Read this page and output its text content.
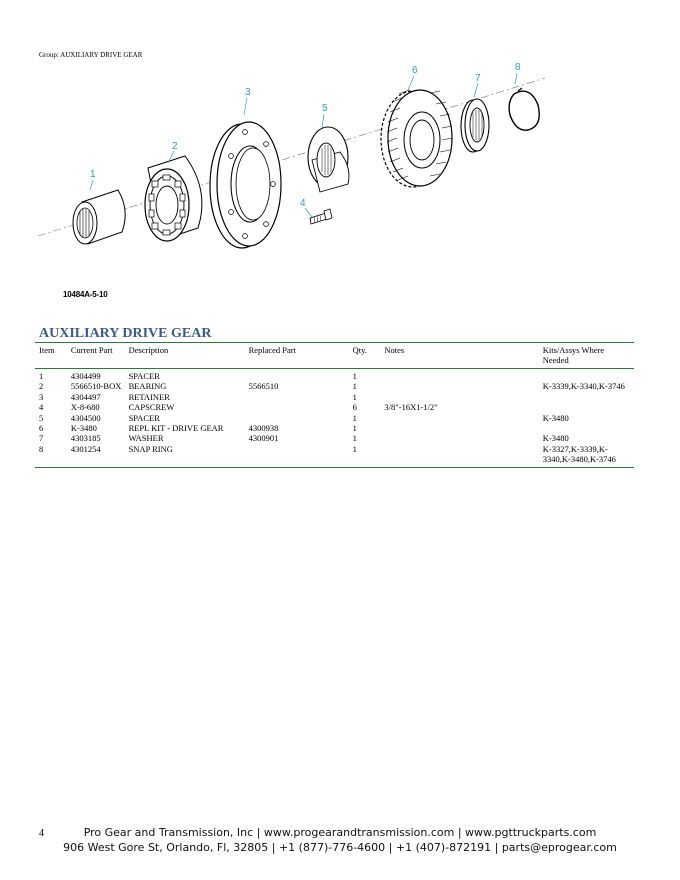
Group: AUXILIARY DRIVE GEAR
1
2
3
4
5
6
7
8
10484A-5-10
AUXILIARY DRIVE GEAR
Item	Current Part	Description	Replaced Part	Qty.	Notes	Kits/Assys Where Needed
1	4304499	SPACER		1		
2	5566510-BOX	BEARING	5566510	1		K-3339,K-3340,K-3746
3	4304497	RETAINER		1		
4	X-8-680	CAPSCREW		6	3/8"-16X1-1/2"	
5	4304500	SPACER		1		K-3480
6	K-3480	REPL KIT - DRIVE GEAR	4300938	1		
7	4303185	WASHER	4300901	1		K-3480
8	4301254	SNAP RING		1		K-3327,K-3339,K-3340,K-3480,K-3746
4	Pro Gear and Transmission, Inc | www.progearandtransmission.com | www.pgttruckparts.com
906 West Gore St, Orlando, Fl, 32805 | +1 (877)-776-4600 | +1 (407)-872191 | parts@eprogear.com
